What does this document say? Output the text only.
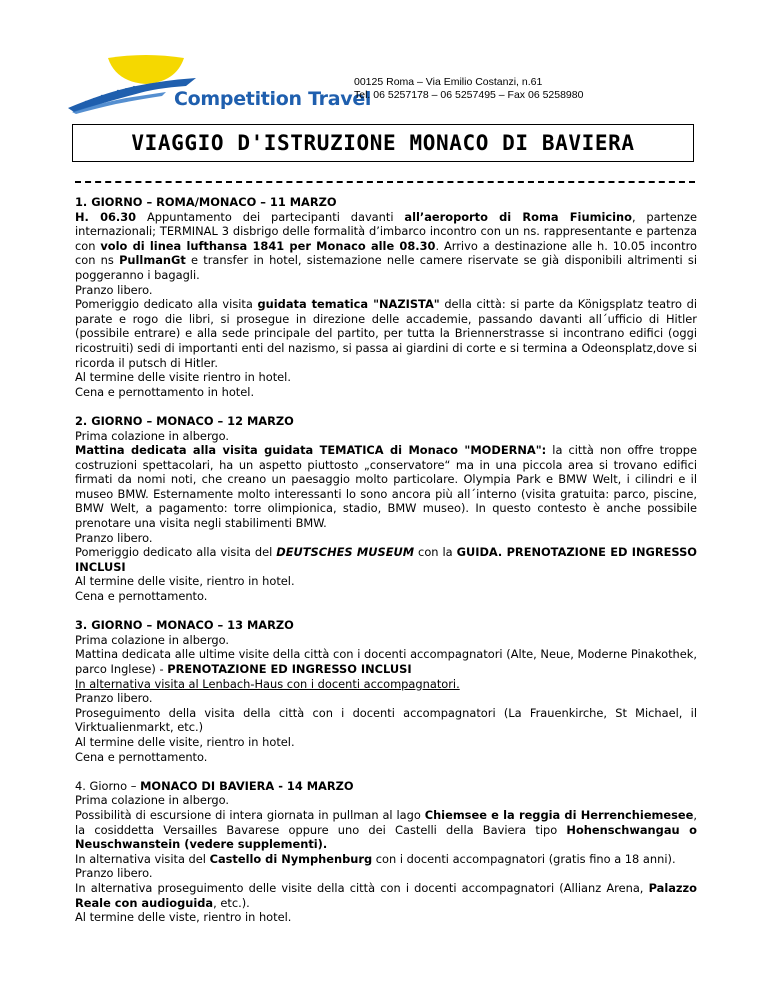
Competition Travel
00125 Roma – Via Emilio Costanzi, n.61
Tel. 06 5257178 – 06 5257495 – Fax 06 5258980
VIAGGIO D'ISTRUZIONE MONACO DI BAVIERA

1. GIORNO – ROMA/MONACO – 11 MARZO

H. 06.30 Appuntamento dei partecipanti davanti all’aeroporto di Roma Fiumicino, partenze internazionali; TERMINAL 3 disbrigo delle formalità d’imbarco incontro con un ns. rappresentante e partenza con volo di linea lufthansa 1841 per Monaco alle 08.30. Arrivo a destinazione alle h. 10.05 incontro con ns PullmanGt e transfer in hotel, sistemazione nelle camere riservate se già disponibili altrimenti si poggeranno i bagagli.

Pranzo libero.

Pomeriggio dedicato alla visita guidata tematica "NAZISTA" della città: si parte da Königsplatz teatro di parate e rogo die libri, si prosegue in direzione delle accademie, passando davanti all´ufficio di Hitler (possibile entrare) e alla sede principale del partito, per tutta la Briennerstrasse si incontrano edifici (oggi ricostruiti) sedi di importanti enti del nazismo, si passa ai giardini di corte e si termina a Odeonsplatz,dove si ricorda il putsch di Hitler.

Al termine delle visite rientro in hotel.

Cena e pernottamento in hotel.

2. GIORNO – MONACO – 12 MARZO

Prima colazione in albergo.

Mattina dedicata alla visita guidata TEMATICA di Monaco "MODERNA": la città non offre troppe costruzioni spettacolari, ha un aspetto piuttosto „conservatore“ ma in una piccola area si trovano edifici firmati da nomi noti, che creano un paesaggio molto particolare. Olympia Park e BMW Welt, i cilindri e il museo BMW. Esternamente molto interessanti lo sono ancora più all´interno (visita gratuita: parco, piscine, BMW Welt, a pagamento: torre olimpionica, stadio, BMW museo). In questo contesto è anche possibile prenotare una visita negli stabilimenti BMW.

Pranzo libero.

Pomeriggio dedicato alla visita del DEUTSCHES MUSEUM con la GUIDA. PRENOTAZIONE ED INGRESSO INCLUSI

Al termine delle visite, rientro in hotel.

Cena e pernottamento.

3. GIORNO – MONACO – 13 MARZO

Prima colazione in albergo.

Mattina dedicata alle ultime visite della città con i docenti accompagnatori (Alte, Neue, Moderne Pinakothek, parco Inglese) - PRENOTAZIONE ED INGRESSO INCLUSI

In alternativa visita al Lenbach-Haus con i docenti accompagnatori.

Pranzo libero.

Proseguimento della visita della città con i docenti accompagnatori (La Frauenkirche, St Michael, il Virktualienmarkt, etc.)

Al termine delle visite, rientro in hotel.

Cena e pernottamento.

4. Giorno – MONACO DI BAVIERA - 14 MARZO

Prima colazione in albergo.

Possibilità di escursione di intera giornata in pullman al lago Chiemsee e la reggia di Herrenchiemesee, la cosiddetta Versailles Bavarese oppure uno dei Castelli della Baviera tipo Hohenschwangau o Neuschwanstein (vedere supplementi).

In alternativa visita del Castello di Nymphenburg con i docenti accompagnatori (gratis fino a 18 anni).

Pranzo libero.

In alternativa proseguimento delle visite della città con i docenti accompagnatori (Allianz Arena, Palazzo Reale con audioguida, etc.).

Al termine delle viste, rientro in hotel.
